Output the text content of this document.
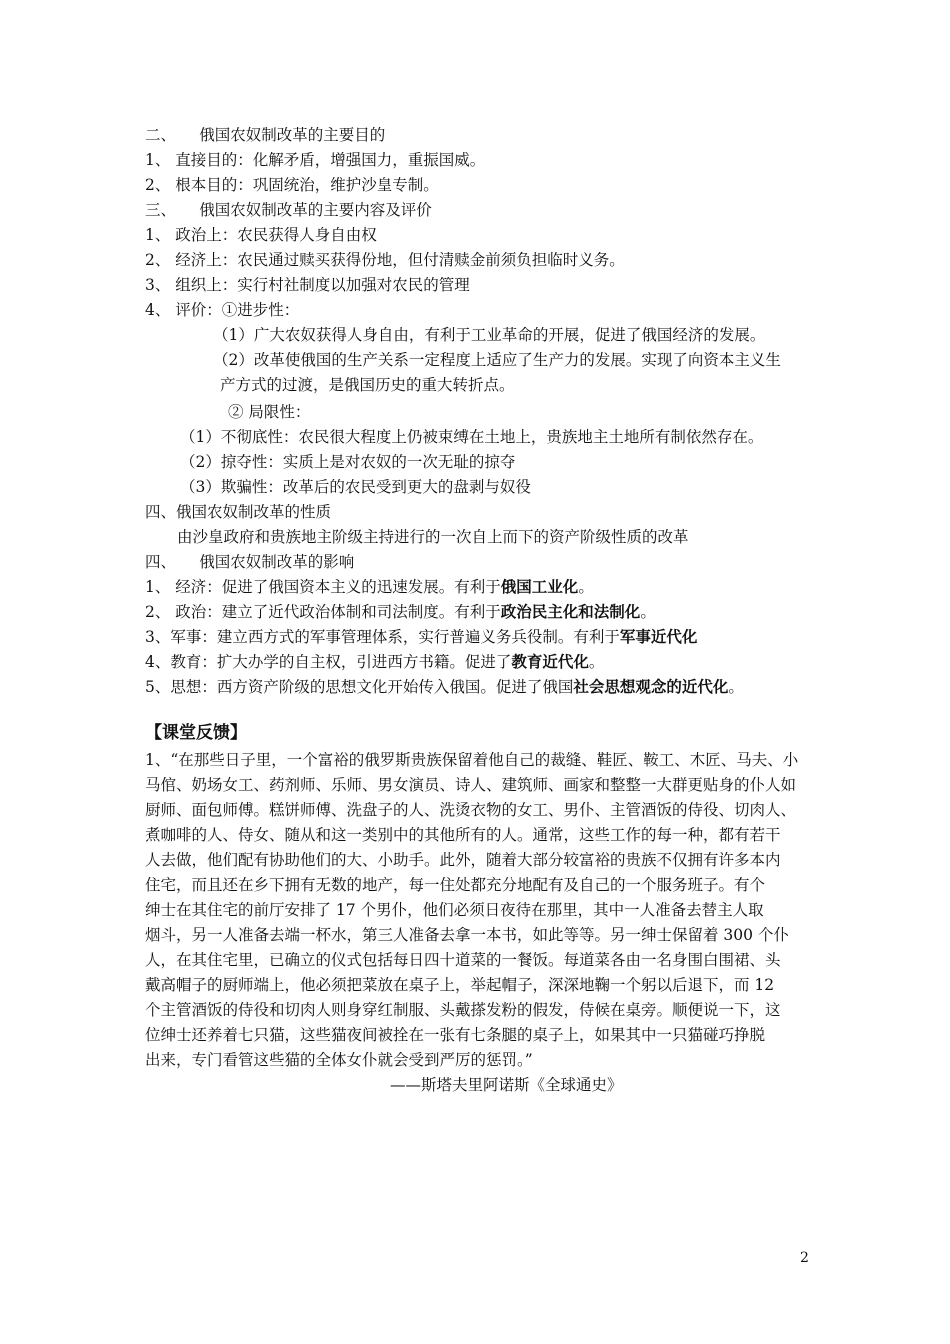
二、　　俄国农奴制改革的主要目的
1、 直接目的：化解矛盾，增强国力，重振国威。
2、 根本目的：巩固统治，维护沙皇专制。
三、　　俄国农奴制改革的主要内容及评价
1、 政治上：农民获得人身自由权
2、 经济上：农民通过赎买获得份地，但付清赎金前须负担临时义务。
3、 组织上：实行村社制度以加强对农民的管理
4、 评价：①进步性：
（1）广大农奴获得人身自由，有利于工业革命的开展，促进了俄国经济的发展。
（2）改革使俄国的生产关系一定程度上适应了生产力的发展。实现了向资本主义生
产方式的过渡，是俄国历史的重大转折点。
② 局限性：
（1）不彻底性：农民很大程度上仍被束缚在土地上，贵族地主土地所有制依然存在。
（2）掠夺性：实质上是对农奴的一次无耻的掠夺
（3）欺骗性：改革后的农民受到更大的盘剥与奴役
四、俄国农奴制改革的性质
由沙皇政府和贵族地主阶级主持进行的一次自上而下的资产阶级性质的改革
四、　　俄国农奴制改革的影响
1、 经济：促进了俄国资本主义的迅速发展。有利于俄国工业化。
2、 政治：建立了近代政治体制和司法制度。有利于政治民主化和法制化。
3、军事：建立西方式的军事管理体系，实行普遍义务兵役制。有利于军事近代化
4、教育：扩大办学的自主权，引进西方书籍。促进了教育近代化。
5、思想：西方资产阶级的思想文化开始传入俄国。促进了俄国社会思想观念的近代化。
【课堂反馈】
1、“在那些日子里，一个富裕的俄罗斯贵族保留着他自己的裁缝、鞋匠、鞍工、木匠、马夫、小
马倌、奶场女工、药剂师、乐师、男女演员、诗人、建筑师、画家和整整一大群更贴身的仆人如
厨师、面包师傅。糕饼师傅、洗盘子的人、洗烫衣物的女工、男仆、主管酒饭的侍役、切肉人、
煮咖啡的人、侍女、随从和这一类别中的其他所有的人。通常，这些工作的每一种，都有若干
人去做，他们配有协助他们的大、小助手。此外，随着大部分较富裕的贵族不仅拥有许多本内
住宅，而且还在乡下拥有无数的地产，每一住处都充分地配有及自己的一个服务班子。有个
绅士在其住宅的前厅安排了 17 个男仆，他们必须日夜待在那里，其中一人准备去替主人取
烟斗，另一人准备去端一杯水，第三人准备去拿一本书，如此等等。另一绅士保留着 300 个仆
人，在其住宅里，已确立的仪式包括每日四十道菜的一餐饭。每道菜各由一名身围白围裙、头
戴高帽子的厨师端上，他必须把菜放在桌子上，举起帽子，深深地鞠一个躬以后退下，而 12
个主管酒饭的侍役和切肉人则身穿红制服、头戴搽发粉的假发，侍候在桌旁。顺便说一下，这
位绅士还养着七只猫，这些猫夜间被拴在一张有七条腿的桌子上，如果其中一只猫碰巧挣脱
出来，专门看管这些猫的全体女仆就会受到严厉的惩罚。”
——斯塔夫里阿诺斯《全球通史》
2
